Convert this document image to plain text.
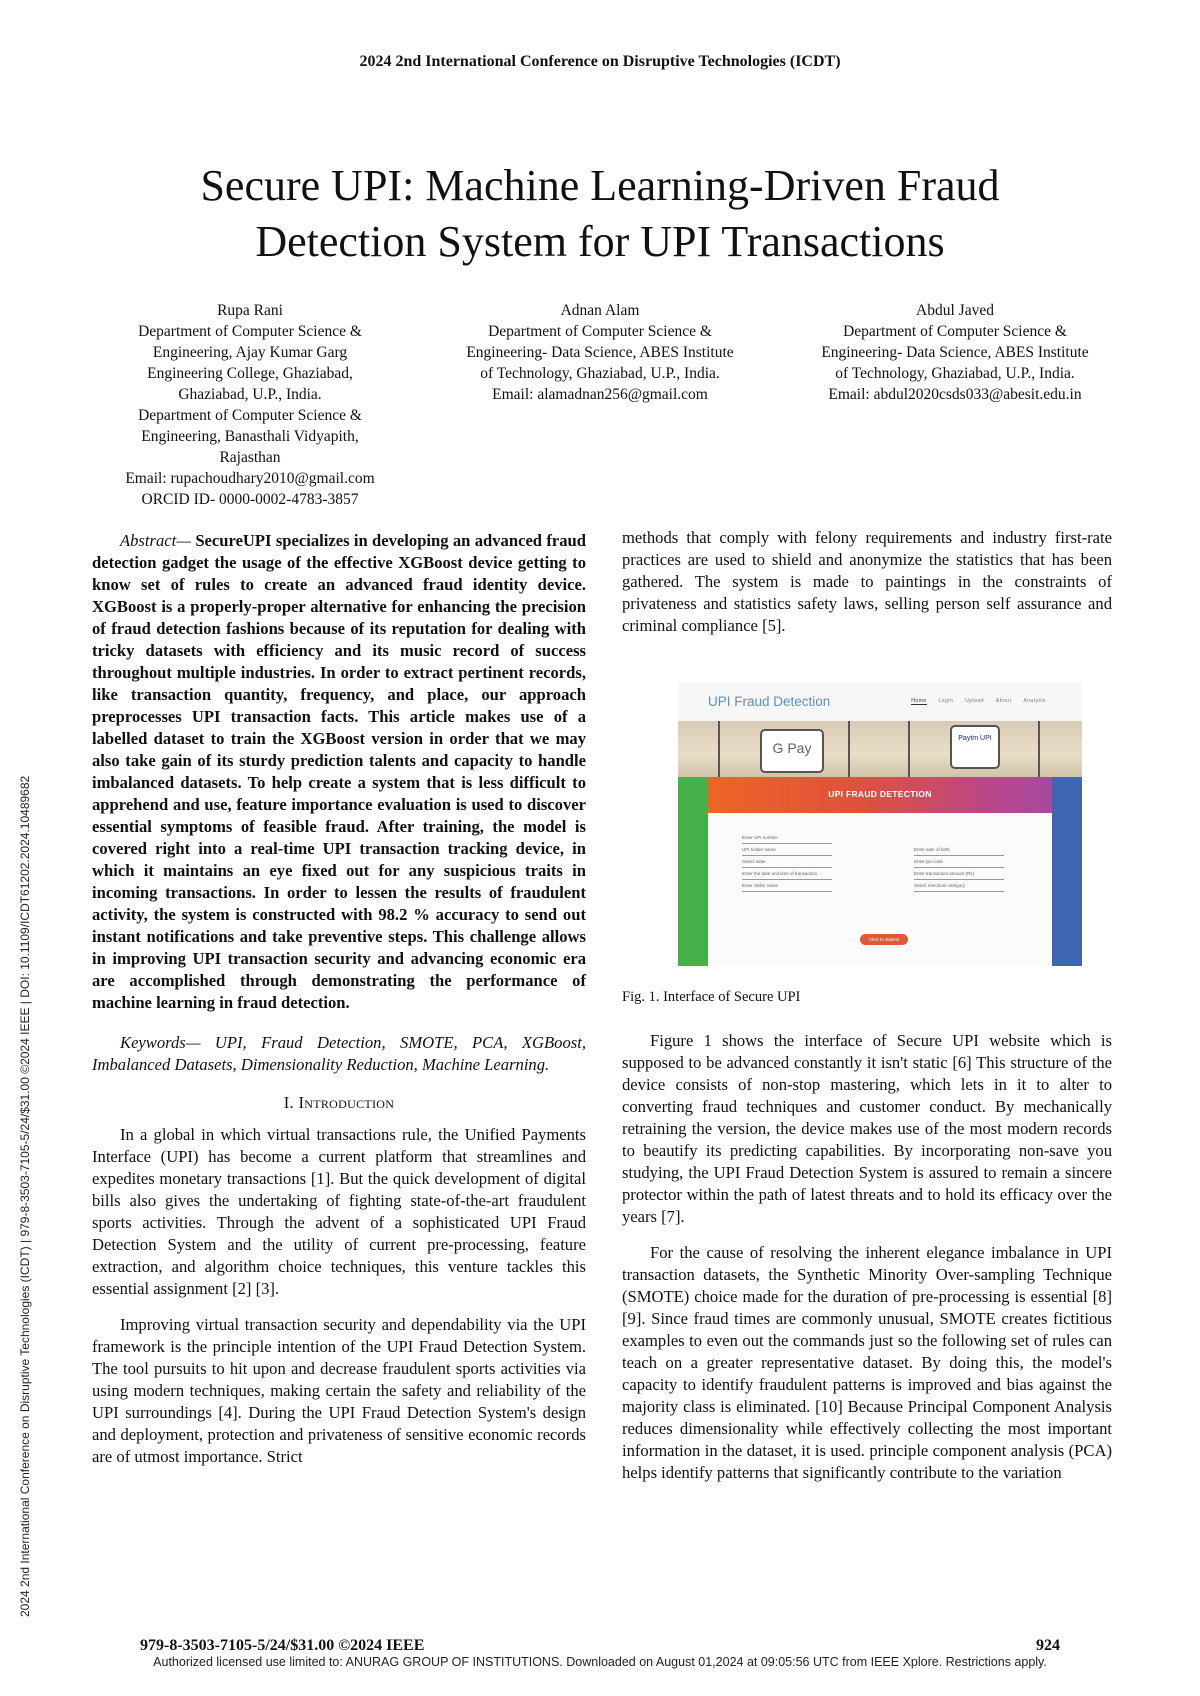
2024 2nd International Conference on Disruptive Technologies (ICDT)
2024 2nd International Conference on Disruptive Technologies (ICDT) | 979-8-3503-7105-5/24/$31.00 ©2024 IEEE | DOI: 10.1109/ICDT61202.2024.10489682
Secure UPI: Machine Learning-Driven Fraud
Detection System for UPI Transactions
Rupa Rani
Department of Computer Science &
Engineering, Ajay Kumar Garg
Engineering College, Ghaziabad,
Ghaziabad, U.P., India.
Department of Computer Science &
Engineering, Banasthali Vidyapith,
Rajasthan
Email: rupachoudhary2010@gmail.com
ORCID ID- 0000-0002-4783-3857
Adnan Alam
Department of Computer Science &
Engineering- Data Science, ABES Institute
of Technology, Ghaziabad, U.P., India.
Email: alamadnan256@gmail.com
Abdul Javed
Department of Computer Science &
Engineering- Data Science, ABES Institute
of Technology, Ghaziabad, U.P., India.
Email: abdul2020csds033@abesit.edu.in

Abstract— SecureUPI specializes in developing an advanced fraud detection gadget the usage of the effective XGBoost device getting to know set of rules to create an advanced fraud identity device. XGBoost is a properly-proper alternative for enhancing the precision of fraud detection fashions because of its reputation for dealing with tricky datasets with efficiency and its music record of success throughout multiple industries. In order to extract pertinent records, like transaction quantity, frequency, and place, our approach preprocesses UPI transaction facts. This article makes use of a labelled dataset to train the XGBoost version in order that we may also take gain of its sturdy prediction talents and capacity to handle imbalanced datasets. To help create a system that is less difficult to apprehend and use, feature importance evaluation is used to discover essential symptoms of feasible fraud. After training, the model is covered right into a real-time UPI transaction tracking device, in which it maintains an eye fixed out for any suspicious traits in incoming transactions. In order to lessen the results of fraudulent activity, the system is constructed with 98.2 % accuracy to send out instant notifications and take preventive steps. This challenge allows in improving UPI transaction security and advancing economic era are accomplished through demonstrating the performance of machine learning in fraud detection.

Keywords— UPI, Fraud Detection, SMOTE, PCA, XGBoost, Imbalanced Datasets, Dimensionality Reduction, Machine Learning.

I. Introduction

In a global in which virtual transactions rule, the Unified Payments Interface (UPI) has become a current platform that streamlines and expedites monetary transactions [1]. But the quick development of digital bills also gives the undertaking of fighting state-of-the-art fraudulent sports activities. Through the advent of a sophisticated UPI Fraud Detection System and the utility of current pre-processing, feature extraction, and algorithm choice techniques, this venture tackles this essential assignment [2] [3].

Improving virtual transaction security and dependability via the UPI framework is the principle intention of the UPI Fraud Detection System. The tool pursuits to hit upon and decrease fraudulent sports activities via using modern techniques, making certain the safety and reliability of the UPI surroundings [4]. During the UPI Fraud Detection System's design and deployment, protection and privateness of sensitive economic records are of utmost importance. Strict

methods that comply with felony requirements and industry first-rate practices are used to shield and anonymize the statistics that has been gathered. The system is made to paintings in the constraints of privateness and statistics safety laws, selling person self assurance and criminal compliance [5].

UPI Fraud Detection	Home Login Upload About Analysis
G Pay
Paytm UPI
UPI FRAUD DETECTION
Enter UPI number
UPI holder name	Enter date of birth
Select state	Enter pin code
Enter the date and time of transaction	Enter transaction amount (Rs)
Enter Seller name	Select merchant category
Click to Submit
Fig. 1. Interface of Secure UPI

Figure 1 shows the interface of Secure UPI website which is supposed to be advanced constantly it isn't static [6] This structure of the device consists of non-stop mastering, which lets in it to alter to converting fraud techniques and customer conduct. By mechanically retraining the version, the device makes use of the most modern records to beautify its predicting capabilities. By incorporating non-save you studying, the UPI Fraud Detection System is assured to remain a sincere protector within the path of latest threats and to hold its efficacy over the years [7].

For the cause of resolving the inherent elegance imbalance in UPI transaction datasets, the Synthetic Minority Over-sampling Technique (SMOTE) choice made for the duration of pre-processing is essential [8] [9]. Since fraud times are commonly unusual, SMOTE creates fictitious examples to even out the commands just so the following set of rules can teach on a greater representative dataset. By doing this, the model's capacity to identify fraudulent patterns is improved and bias against the majority class is eliminated. [10] Because Principal Component Analysis reduces dimensionality while effectively collecting the most important information in the dataset, it is used. principle component analysis (PCA) helps identify patterns that significantly contribute to the variation

979-8-3503-7105-5/24/$31.00 ©2024 IEEE	924
Authorized licensed use limited to: ANURAG GROUP OF INSTITUTIONS. Downloaded on August 01,2024 at 09:05:56 UTC from IEEE Xplore. Restrictions apply.
